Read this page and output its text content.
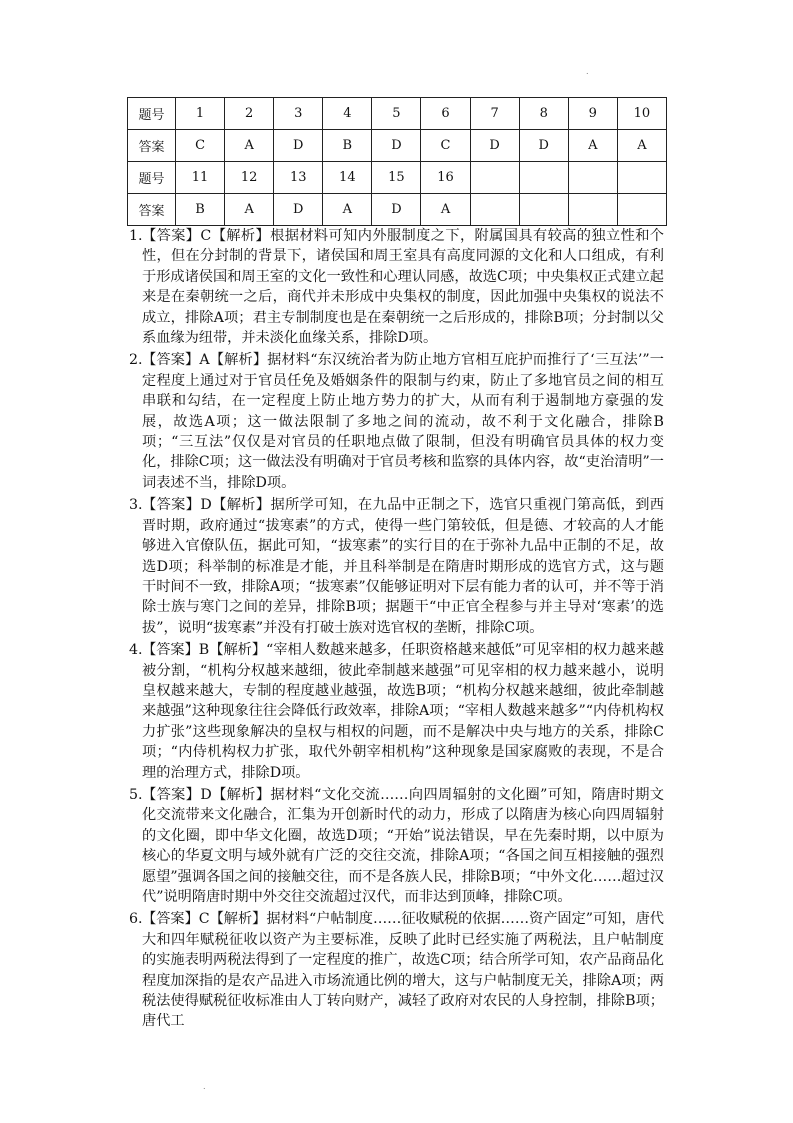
.
题号	1	2	3	4	5	6	7	8	9	10
答案	C	A	D	B	D	C	D	D	A	A
题号	11	12	13	14	15	16				
答案	B	A	D	A	D	A				
1. 【答案】C【解析】根据材料可知内外服制度之下，附属国具有较高的独立性和个性，但在分封制的背景下，诸侯国和周王室具有高度同源的文化和人口组成，有利于形成诸侯国和周王室的文化一致性和心理认同感，故选C项；中央集权正式建立起来是在秦朝统一之后，商代并未形成中央集权的制度，因此加强中央集权的说法不成立，排除A项；君主专制制度也是在秦朝统一之后形成的，排除B项；分封制以父系血缘为纽带，并未淡化血缘关系，排除D项。
2. 【答案】A【解析】据材料“东汉统治者为防止地方官相互庇护而推行了‘三互法’”一定程度上通过对于官员任免及婚姻条件的限制与约束，防止了多地官员之间的相互串联和勾结，在一定程度上防止地方势力的扩大，从而有利于遏制地方豪强的发展，故选A项；这一做法限制了多地之间的流动，故不利于文化融合，排除B项；“三互法”仅仅是对官员的任职地点做了限制，但没有明确官员具体的权力变化，排除C项；这一做法没有明确对于官员考核和监察的具体内容，故“吏治清明”一词表述不当，排除D项。
3. 【答案】D【解析】据所学可知，在九品中正制之下，选官只重视门第高低，到西晋时期，政府通过“拔寒素”的方式，使得一些门第较低，但是德、才较高的人才能够进入官僚队伍，据此可知，“拔寒素”的实行目的在于弥补九品中正制的不足，故选D项；科举制的标准是才能，并且科举制是在隋唐时期形成的选官方式，这与题干时间不一致，排除A项；“拔寒素”仅能够证明对下层有能力者的认可，并不等于消除士族与寒门之间的差异，排除B项；据题干“中正官全程参与并主导对‘寒素’的选拔”，说明“拔寒素”并没有打破士族对选官权的垄断，排除C项。
4. 【答案】B【解析】“宰相人数越来越多，任职资格越来越低”可见宰相的权力越来越被分割，“机构分权越来越细，彼此牵制越来越强”可见宰相的权力越来越小，说明皇权越来越大，专制的程度越业越强，故选B项；“机构分权越来越细，彼此牵制越来越强”这种现象往往会降低行政效率，排除A项；“宰相人数越来越多”“内侍机构权力扩张”这些现象解决的皇权与相权的问题，而不是解决中央与地方的关系，排除C项；“内侍机构权力扩张，取代外朝宰相机构”这种现象是国家腐败的表现，不是合理的治理方式，排除D项。
5. 【答案】D【解析】据材料“文化交流……向四周辐射的文化圈”可知，隋唐时期文化交流带来文化融合，汇集为开创新时代的动力，形成了以隋唐为核心向四周辐射的文化圈，即中华文化圈，故选D项；“开始”说法错误，早在先秦时期，以中原为核心的华夏文明与域外就有广泛的交往交流，排除A项；“各国之间互相接触的强烈愿望”强调各国之间的接触交往，而不是各族人民，排除B项；“中外文化……超过汉代”说明隋唐时期中外交往交流超过汉代，而非达到顶峰，排除C项。
6. 【答案】C【解析】据材料“户帖制度……征收赋税的依据……资产固定”可知，唐代大和四年赋税征收以资产为主要标准，反映了此时已经实施了两税法，且户帖制度的实施表明两税法得到了一定程度的推广，故选C项；结合所学可知，农产品商品化程度加深指的是农产品进入市场流通比例的增大，这与户帖制度无关，排除A项；两税法使得赋税征收标准由人丁转向财产，减轻了政府对农民的人身控制，排除B项；唐代工
.
